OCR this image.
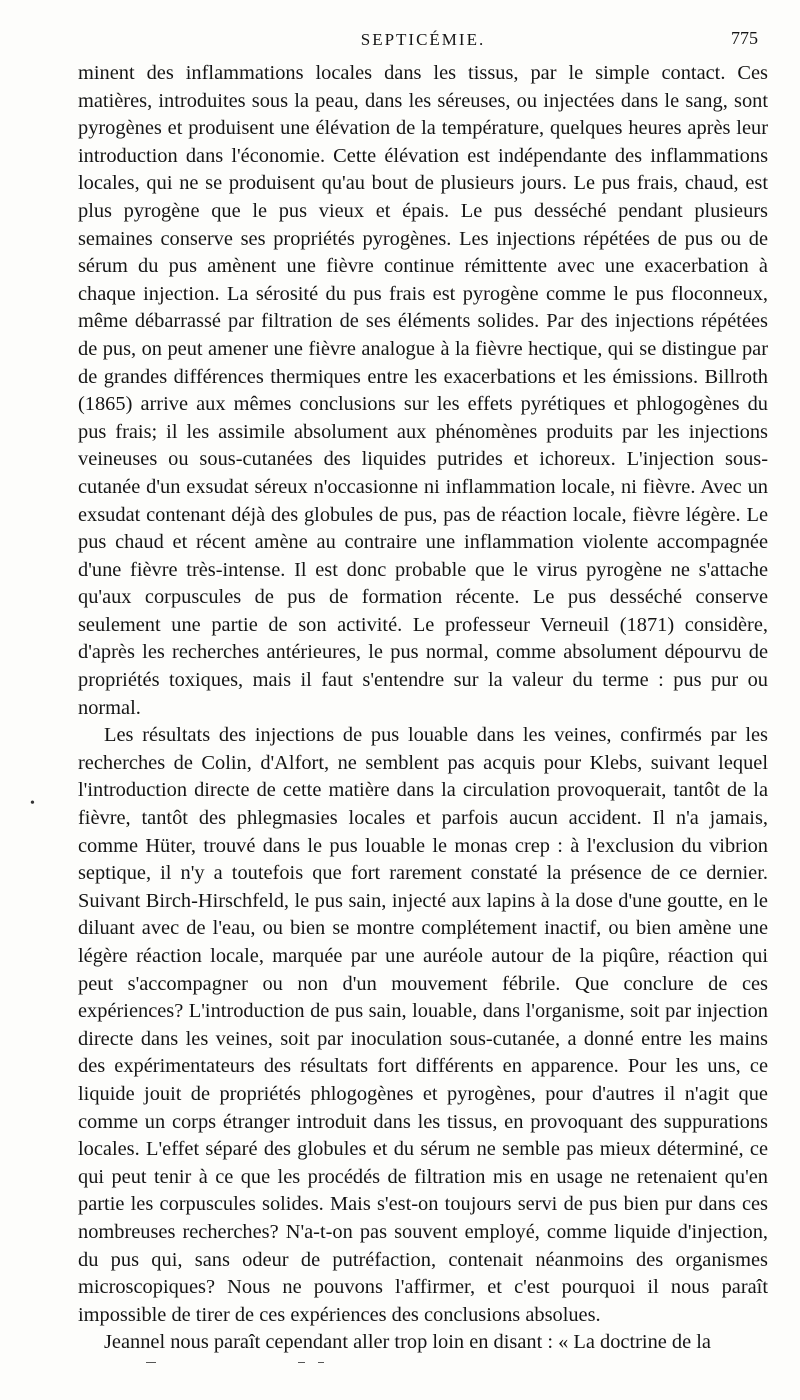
SEPTICÉMIE.	775

minent des inflammations locales dans les tissus, par le simple contact. Ces matières, introduites sous la peau, dans les séreuses, ou injectées dans le sang, sont pyrogènes et produisent une élévation de la température, quelques heures après leur introduction dans l'économie. Cette élévation est indépendante des inflammations locales, qui ne se produisent qu'au bout de plusieurs jours. Le pus frais, chaud, est plus pyrogène que le pus vieux et épais. Le pus desséché pendant plusieurs semaines conserve ses propriétés pyrogènes. Les injections répétées de pus ou de sérum du pus amènent une fièvre continue rémittente avec une exacerbation à chaque injection. La sérosité du pus frais est pyrogène comme le pus floconneux, même débarrassé par filtration de ses éléments solides. Par des injections répétées de pus, on peut amener une fièvre analogue à la fièvre hectique, qui se distingue par de grandes différences thermiques entre les exacerbations et les émissions. Billroth (1865) arrive aux mêmes conclusions sur les effets pyrétiques et phlogogènes du pus frais; il les assimile absolument aux phénomènes produits par les injections veineuses ou sous-cutanées des liquides putrides et ichoreux. L'injection sous-cutanée d'un exsudat séreux n'occasionne ni inflammation locale, ni fièvre. Avec un exsudat contenant déjà des globules de pus, pas de réaction locale, fièvre légère. Le pus chaud et récent amène au contraire une inflammation violente accompagnée d'une fièvre très-intense. Il est donc probable que le virus pyrogène ne s'attache qu'aux corpuscules de pus de formation récente. Le pus desséché conserve seulement une partie de son activité. Le professeur Verneuil (1871) considère, d'après les recherches antérieures, le pus normal, comme absolument dépourvu de propriétés toxiques, mais il faut s'entendre sur la valeur du terme : pus pur ou normal.

Les résultats des injections de pus louable dans les veines, confirmés par les recherches de Colin, d'Alfort, ne semblent pas acquis pour Klebs, suivant lequel l'introduction directe de cette matière dans la circulation provoquerait, tantôt de la fièvre, tantôt des phlegmasies locales et parfois aucun accident. Il n'a jamais, comme Hüter, trouvé dans le pus louable le monas crep : à l'exclusion du vibrion septique, il n'y a toutefois que fort rarement constaté la présence de ce dernier. Suivant Birch-Hirschfeld, le pus sain, injecté aux lapins à la dose d'une goutte, en le diluant avec de l'eau, ou bien se montre complétement inactif, ou bien amène une légère réaction locale, marquée par une auréole autour de la piqûre, réaction qui peut s'accompagner ou non d'un mouvement fébrile. Que conclure de ces expériences? L'introduction de pus sain, louable, dans l'organisme, soit par injection directe dans les veines, soit par inoculation sous-cutanée, a donné entre les mains des expérimentateurs des résultats fort différents en apparence. Pour les uns, ce liquide jouit de propriétés phlogogènes et pyrogènes, pour d'autres il n'agit que comme un corps étranger introduit dans les tissus, en provoquant des suppurations locales. L'effet séparé des globules et du sérum ne semble pas mieux déterminé, ce qui peut tenir à ce que les procédés de filtration mis en usage ne retenaient qu'en partie les corpuscules solides. Mais s'est-on toujours servi de pus bien pur dans ces nombreuses recherches? N'a-t-on pas souvent employé, comme liquide d'injection, du pus qui, sans odeur de putréfaction, contenait néanmoins des organismes microscopiques? Nous ne pouvons l'affirmer, et c'est pourquoi il nous paraît impossible de tirer de ces expériences des conclusions absolues.

Jeannel nous paraît cependant aller trop loin en disant : « La doctrine de la

•
